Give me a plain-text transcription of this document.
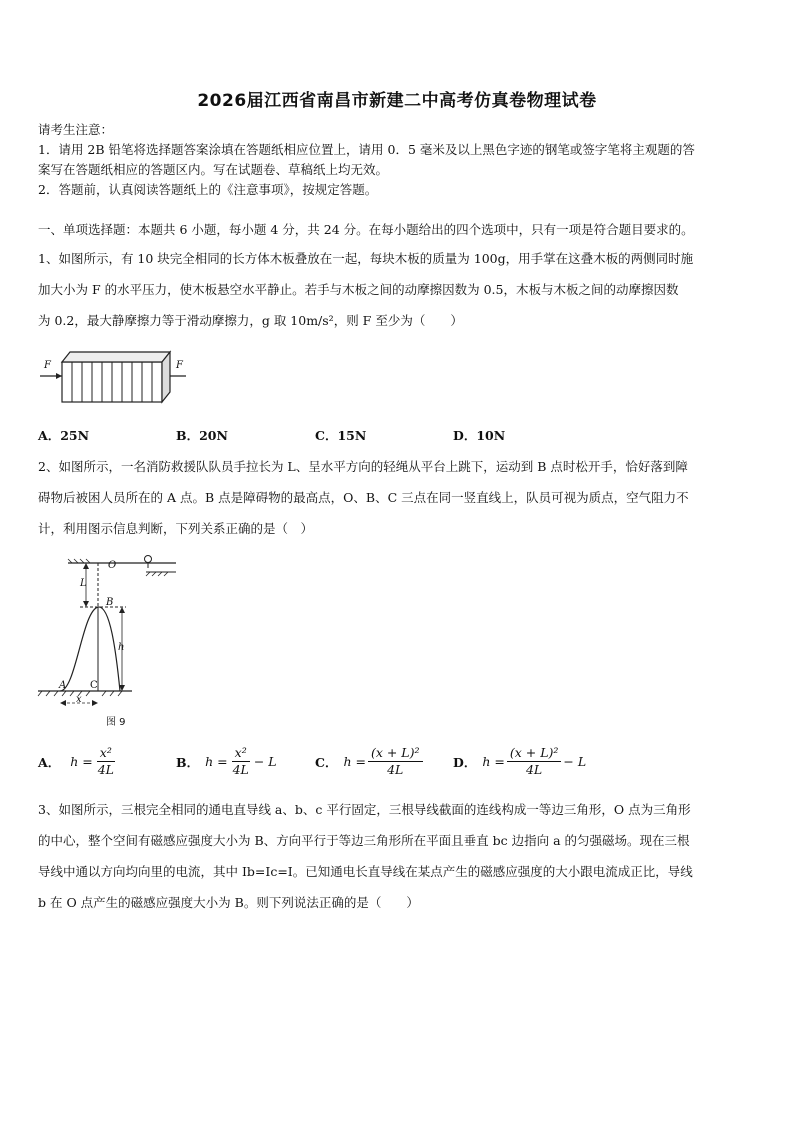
2026届江西省南昌市新建二中高考仿真卷物理试卷
请考生注意：
1．请用 2B 铅笔将选择题答案涂填在答题纸相应位置上，请用 0．5 毫米及以上黑色字迹的钢笔或签字笔将主观题的答
案写在答题纸相应的答题区内。写在试题卷、草稿纸上均无效。
2．答题前，认真阅读答题纸上的《注意事项》，按规定答题。
一、单项选择题：本题共 6 小题，每小题 4 分，共 24 分。在每小题给出的四个选项中，只有一项是符合题目要求的。
1、如图所示，有 10 块完全相同的长方体木板叠放在一起，每块木板的质量为 100g，用手掌在这叠木板的两侧同时施
加大小为 F 的水平压力，使木板悬空水平静止。若手与木板之间的动摩擦因数为 0.5，木板与木板之间的动摩擦因数
为 0.2，最大静摩擦力等于滑动摩擦力，g 取 10m/s²，则 F 至少为（　　）
F	F
A．25N	B．20N	C．15N	D．10N
2、如图所示，一名消防救援队队员手拉长为 L、呈水平方向的轻绳从平台上跳下，运动到 B 点时松开手，恰好落到障
碍物后被困人员所在的 A 点。B 点是障碍物的最高点，O、B、C 三点在同一竖直线上，队员可视为质点，空气阻力不
计，利用图示信息判断，下列关系正确的是（　）
O
L
B
h
A C
x
图 9
A． $h = \frac{\text{x²}}{4L}$	B． $h = \frac{\text{x²}}{4L} - L$	C． $h = \frac{\text{(x + L)²}}{4L}$ D． $h = \frac{\text{(x + L)²}}{4L} - L$
3、如图所示，三根完全相同的通电直导线 a、b、c 平行固定，三根导线截面的连线构成一等边三角形，O 点为三角形
的中心，整个空间有磁感应强度大小为 B、方向平行于等边三角形所在平面且垂直 bc 边指向 a 的匀强磁场。现在三根
导线中通以方向均向里的电流，其中 Ib=Ic=I。已知通电长直导线在某点产生的磁感应强度的大小跟电流成正比，导线
b 在 O 点产生的磁感应强度大小为 B。则下列说法正确的是（　　）
